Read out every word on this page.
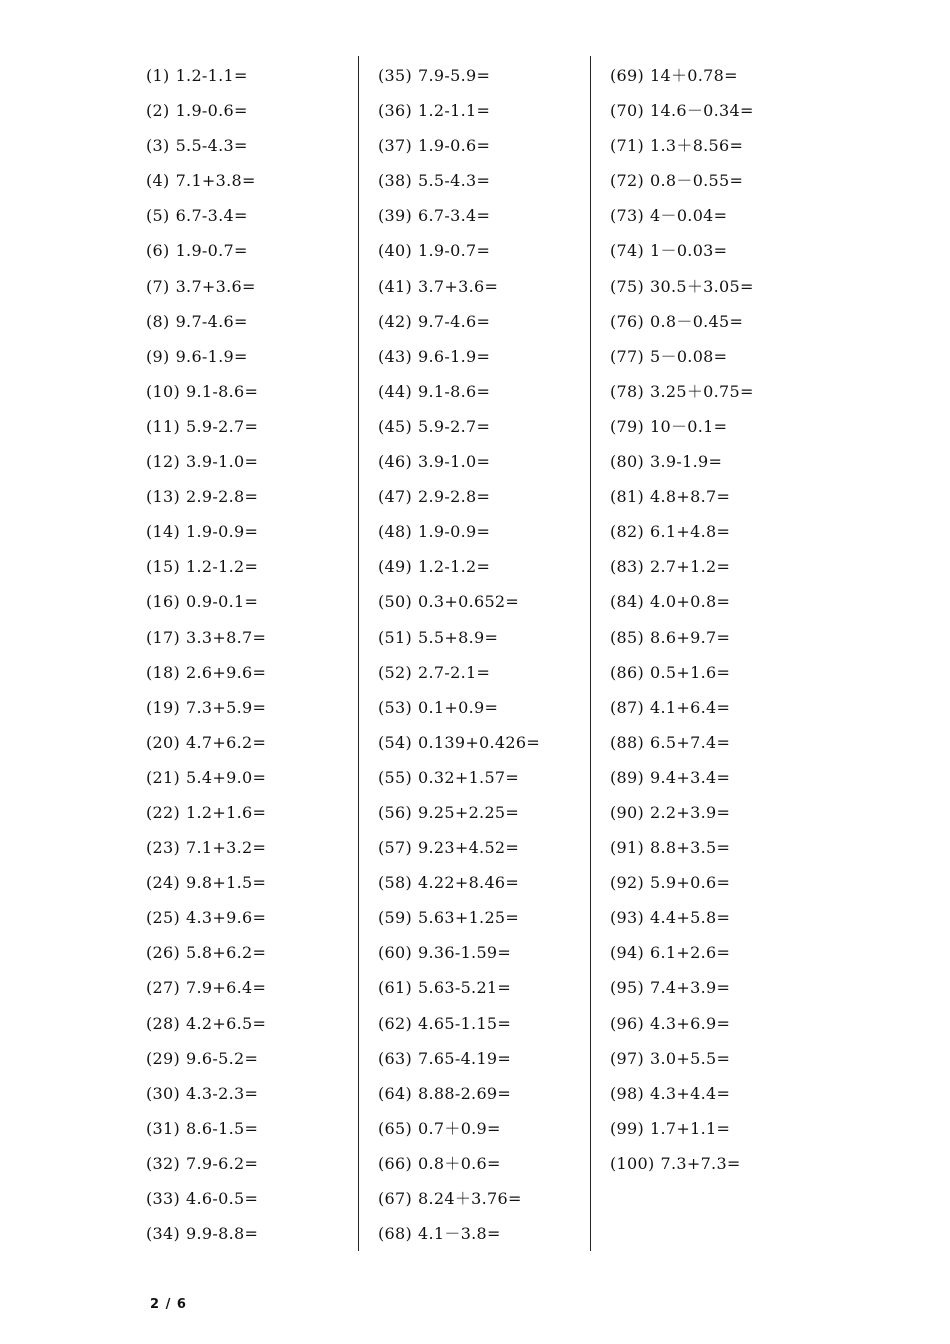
(1) 1.2-1.1=
(2) 1.9-0.6=
(3) 5.5-4.3=
(4) 7.1+3.8=
(5) 6.7-3.4=
(6) 1.9-0.7=
(7) 3.7+3.6=
(8) 9.7-4.6=
(9) 9.6-1.9=
(10) 9.1-8.6=
(11) 5.9-2.7=
(12) 3.9-1.0=
(13) 2.9-2.8=
(14) 1.9-0.9=
(15) 1.2-1.2=
(16) 0.9-0.1=
(17) 3.3+8.7=
(18) 2.6+9.6=
(19) 7.3+5.9=
(20) 4.7+6.2=
(21) 5.4+9.0=
(22) 1.2+1.6=
(23) 7.1+3.2=
(24) 9.8+1.5=
(25) 4.3+9.6=
(26) 5.8+6.2=
(27) 7.9+6.4=
(28) 4.2+6.5=
(29) 9.6-5.2=
(30) 4.3-2.3=
(31) 8.6-1.5=
(32) 7.9-6.2=
(33) 4.6-0.5=
(34) 9.9-8.8=
(35) 7.9-5.9=
(36) 1.2-1.1=
(37) 1.9-0.6=
(38) 5.5-4.3=
(39) 6.7-3.4=
(40) 1.9-0.7=
(41) 3.7+3.6=
(42) 9.7-4.6=
(43) 9.6-1.9=
(44) 9.1-8.6=
(45) 5.9-2.7=
(46) 3.9-1.0=
(47) 2.9-2.8=
(48) 1.9-0.9=
(49) 1.2-1.2=
(50) 0.3+0.652=
(51) 5.5+8.9=
(52) 2.7-2.1=
(53) 0.1+0.9=
(54) 0.139+0.426=
(55) 0.32+1.57=
(56) 9.25+2.25=
(57) 9.23+4.52=
(58) 4.22+8.46=
(59) 5.63+1.25=
(60) 9.36-1.59=
(61) 5.63-5.21=
(62) 4.65-1.15=
(63) 7.65-4.19=
(64) 8.88-2.69=
(65) 0.7＋0.9=
(66) 0.8＋0.6=
(67) 8.24＋3.76=
(68) 4.1－3.8=
(69) 14＋0.78=
(70) 14.6－0.34=
(71) 1.3＋8.56=
(72) 0.8－0.55=
(73) 4－0.04=
(74) 1－0.03=
(75) 30.5＋3.05=
(76) 0.8－0.45=
(77) 5－0.08=
(78) 3.25＋0.75=
(79) 10－0.1=
(80) 3.9-1.9=
(81) 4.8+8.7=
(82) 6.1+4.8=
(83) 2.7+1.2=
(84) 4.0+0.8=
(85) 8.6+9.7=
(86) 0.5+1.6=
(87) 4.1+6.4=
(88) 6.5+7.4=
(89) 9.4+3.4=
(90) 2.2+3.9=
(91) 8.8+3.5=
(92) 5.9+0.6=
(93) 4.4+5.8=
(94) 6.1+2.6=
(95) 7.4+3.9=
(96) 4.3+6.9=
(97) 3.0+5.5=
(98) 4.3+4.4=
(99) 1.7+1.1=
(100) 7.3+7.3=
2 / 6
